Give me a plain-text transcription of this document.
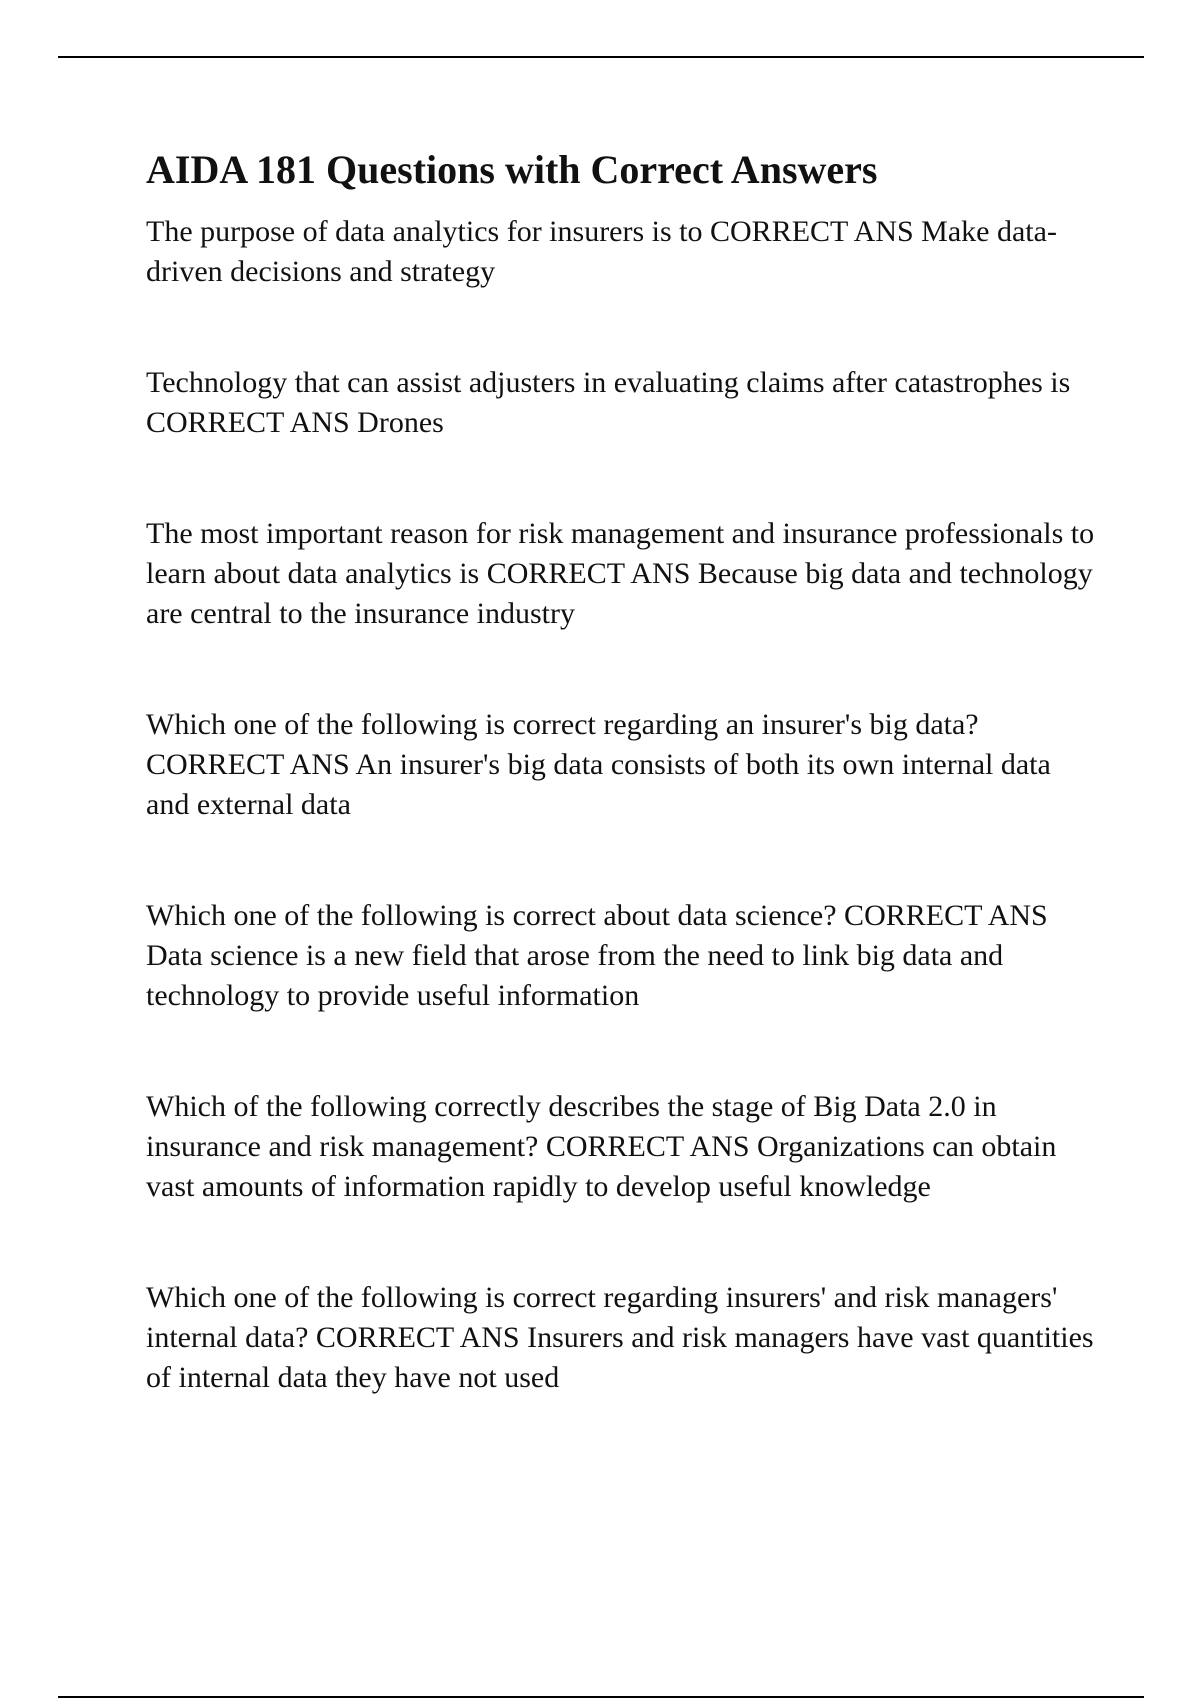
AIDA 181 Questions with Correct Answers
The purpose of data analytics for insurers is to CORRECT ANS Make data-driven decisions and strategy
Technology that can assist adjusters in evaluating claims after catastrophes is CORRECT ANS Drones
The most important reason for risk management and insurance professionals to learn about data analytics is CORRECT ANS Because big data and technology are central to the insurance industry
Which one of the following is correct regarding an insurer's big data? CORRECT ANS An insurer's big data consists of both its own internal data and external data
Which one of the following is correct about data science? CORRECT ANS Data science is a new field that arose from the need to link big data and technology to provide useful information
Which of the following correctly describes the stage of Big Data 2.0 in insurance and risk management? CORRECT ANS Organizations can obtain vast amounts of information rapidly to develop useful knowledge
Which one of the following is correct regarding insurers' and risk managers' internal data? CORRECT ANS Insurers and risk managers have vast quantities of internal data they have not used
